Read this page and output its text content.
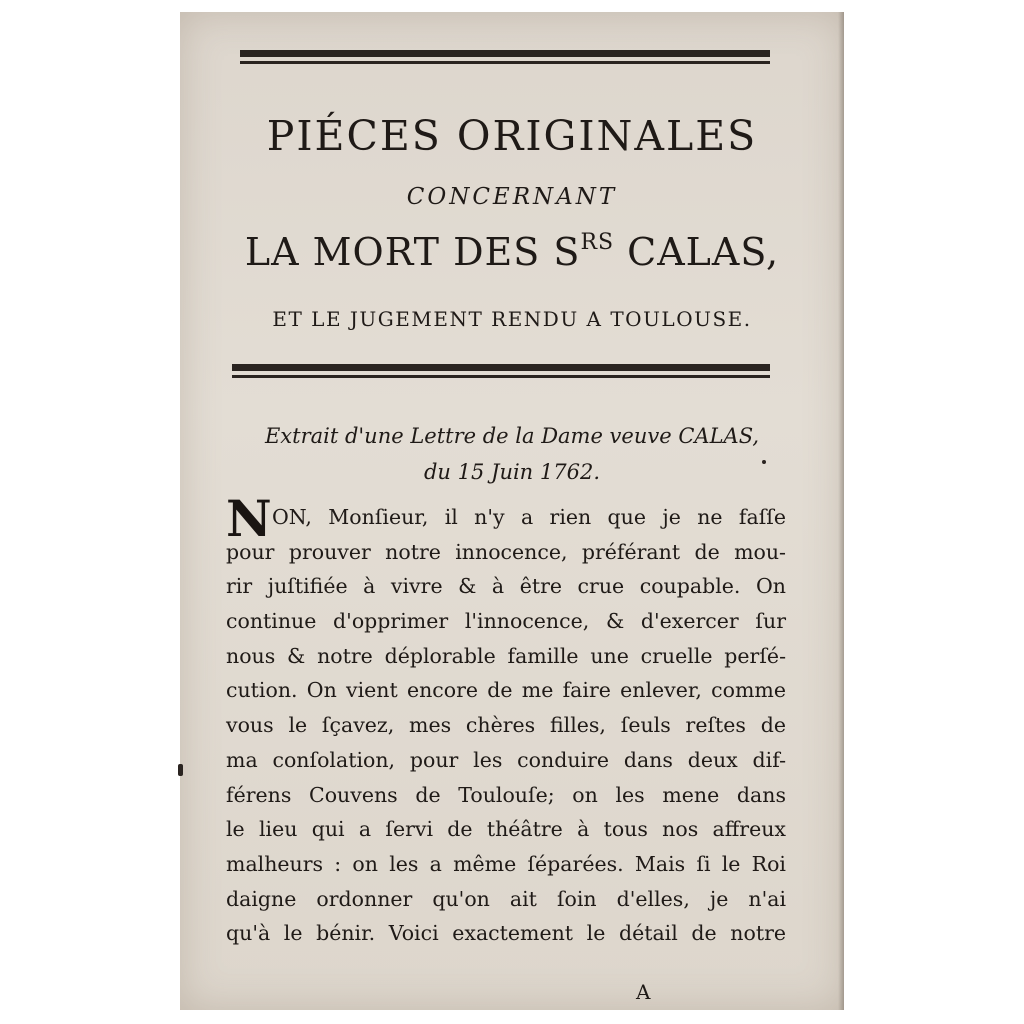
PIÉCES ORIGINALES
CONCERNANT
LA MORT DES $S^{RS}$ CALAS,
ET LE JUGEMENT RENDU A TOULOUSE.
Extrait d'une Lettre de la Dame veuve CALAS,
du 15 Juin 1762.
N ON, Monſieur, il n'y a rien que je ne faſſe
pour prouver notre innocence, préférant de mou-
rir juſtifiée à vivre & à être crue coupable. On
continue d'opprimer l'innocence, & d'exercer ſur
nous & notre déplorable famille une cruelle perſé-
cution. On vient encore de me faire enlever, comme
vous le ſçavez, mes chères filles, ſeuls reſtes de
ma conſolation, pour les conduire dans deux dif-
férens Couvens de Toulouſe; on les mene dans
le lieu qui a ſervi de théâtre à tous nos affreux
malheurs : on les a même ſéparées. Mais ſi le Roi
daigne ordonner qu'on ait ſoin d'elles, je n'ai
qu'à le bénir. Voici exactement le détail de notre
A
